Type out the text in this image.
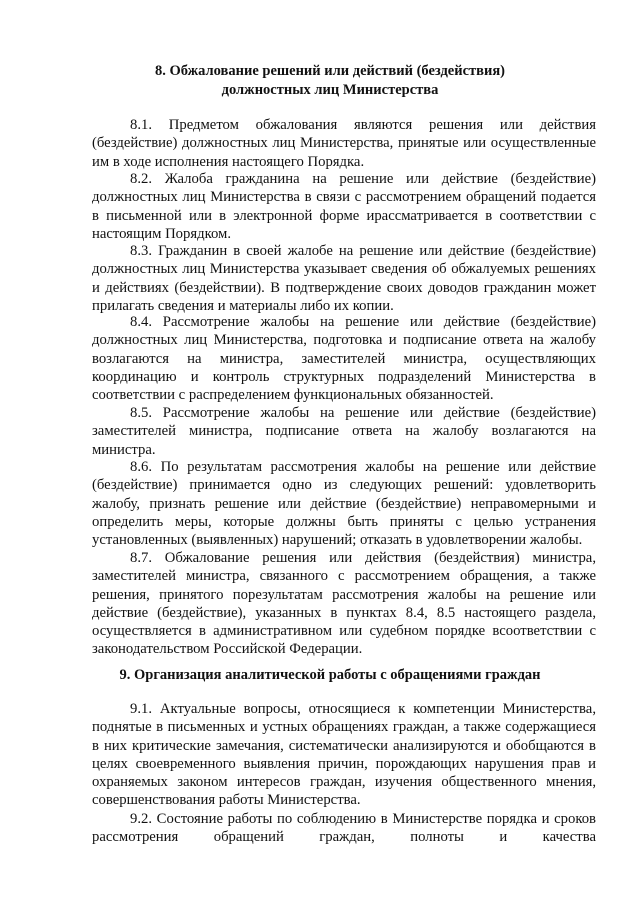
8. Обжалование решений или действий (бездействия)
должностных лиц Министерства

8.1. Предметом обжалования являются решения или действия (бездействие) должностных лиц Министерства, принятые или осуществленные им в ходе исполнения настоящего Порядка.

8.2. Жалоба гражданина на решение или действие (бездействие) должностных лиц Министерства в связи с рассмотрением обращений подается в письменной или в электронной форме ирассматривается в соответствии с настоящим Порядком.

8.3. Гражданин в своей жалобе на решение или действие (бездействие) должностных лиц Министерства указывает сведения об обжалуемых решениях и действиях (бездействии). В подтверждение своих доводов гражданин может прилагать сведения и материалы либо их копии.

8.4. Рассмотрение жалобы на решение или действие (бездействие) должностных лиц Министерства, подготовка и подписание ответа на жалобу возлагаются на министра, заместителей министра, осуществляющих координацию и контроль структурных подразделений Министерства в соответствии с распределением функциональных обязанностей.

8.5. Рассмотрение жалобы на решение или действие (бездействие) заместителей министра, подписание ответа на жалобу возлагаются на министра.

8.6. По результатам рассмотрения жалобы на решение или действие (бездействие) принимается одно из следующих решений: удовлетворить жалобу, признать решение или действие (бездействие) неправомерными и определить меры, которые должны быть приняты с целью устранения установленных (выявленных) нарушений; отказать в удовлетворении жалобы.

8.7. Обжалование решения или действия (бездействия) министра, заместителей министра, связанного с рассмотрением обращения, а также решения, принятого порезультатам рассмотрения жалобы на решение или действие (бездействие), указанных в пунктах 8.4, 8.5 настоящего раздела, осуществляется в административном или судебном порядке всоответствии с законодательством Российской Федерации.

9. Организация аналитической работы с обращениями граждан

9.1. Актуальные вопросы, относящиеся к компетенции Министерства, поднятые в письменных и устных обращениях граждан, а также содержащиеся в них критические замечания, систематически анализируются и обобщаются в целях своевременного выявления причин, порождающих нарушения прав и охраняемых законом интересов граждан, изучения общественного мнения, совершенствования работы Министерства.

9.2. Состояние работы по соблюдению в Министерстве порядка и сроков рассмотрения обращений граждан, полноты и качества
